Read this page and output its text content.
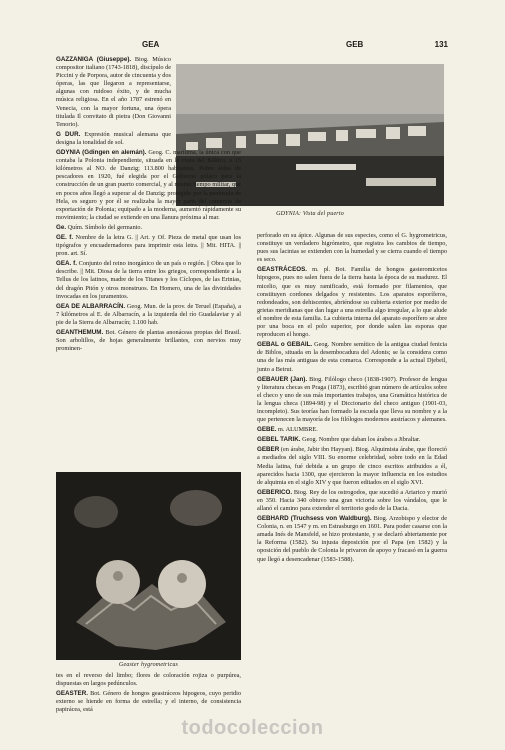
GEA	GEB	131
GDYNIA: Vista del puerto
GAZZANIGA (Giuseppe). Biog. Músico compositor italiano (1743-1818), discípulo de Piccini y de Porpora, autor de cincuenta y dos óperas, las que llegaron a representarse, algunas con ruidoso éxito, y de mucha música religiosa. En el año 1787 estrenó en Venecia, con la mayor fortuna, una ópera titulada Il convitato di pietra (Don Giovanni Tenorio).
G DUR. Expresión musical alemana que designa la tonalidad de sol.
GDYNIA (Gdingen en alemán). Geog. C. marítima, la única con que contaba la Polonia independiente, situada en la costa del Báltico, a 15 kilómetros al NO. de Danzig; 113.800 habitantes. Pobre aldea de pescadores en 1920, fué elegida por el Gobierno polaco para la construcción de un gran puerto comercial, y al mismo tiempo militar, que en pocos años llegó a superar al de Danzig; protegido por la península de Hela, es seguro y por él se realizaba la mayor parte del comercio de exportación de Polonia; equipado a la moderna, aumentó rápidamente su movimiento; la ciudad se extiende en una llanura próxima al mar.
Ge. Quím. Símbolo del germanio.
GE. f. Nombre de la letra G. || Art. y Of. Pieza de metal que usan los tipógrafos y encuadernadores para imprimir esta letra. || Mit. HITA. || pron. art. Sí.
GEA. f. Conjunto del reino inorgánico de un país o región. || Obra que lo describe. || Mit. Diosa de la tierra entre los griegos, correspondiente a la Tellus de los latinos, madre de los Titanes y los Cíclopes, de las Erinias, del dragón Pitón y otros monstruos. En Homero, una de las divinidades invocadas en los juramentos.
GEA DE ALBARRACÍN. Geog. Mun. de la prov. de Teruel (España), a 7 kilómetros al E. de Albarracín, a la izquierda del río Guadalaviar y al pie de la Sierra de Albarracín; 1.100 hab.
GEANTHEMUM. Bot. Género de plantas anonáceas propias del Brasil. Son arbolillos, de hojas generalmente brillantes, con nervios muy prominen-
Geaster hygrometricus
tes en el reverso del limbo; flores de coloración rojiza o purpúrea, dispuestas en largos pedúnculos.
GEASTER. Bot. Género de hongos geastráceos hipogeos, cuyo peridio externo se hiende en forma de estrella; y el interno, de consistencia papirácea, está
perforado en su ápice. Algunas de sus especies, como el G. hygrometricus, constituye un verdadero higrómetro, que registra los cambios de tiempo, pues sus lacinias se extienden con la humedad y se cierra cuando el tiempo es seco.
GEASTRÁCEOS. m. pl. Bot. Familia de hongos gasteromicetos hipogeos, pues no salen fuera de la tierra hasta la época de su madurez. El micelio, que es muy ramificado, está formado por filamentos, que constituyen cordones delgados y resistentes. Los aparatos esporíferos, redondeados, son dehiscentes, abriéndose su cubierta exterior por medio de grietas meridianas que dan lugar a una estrella algo irregular, a lo que alude el nombre de esta familia. La cubierta interna del aparato esporífero se abre por una boca en el polo superior, por donde salen las esporas que reproducen el hongo.
GEBAL o GEBAIL. Geog. Nombre semítico de la antigua ciudad fenicia de Biblos, situada en la desembocadura del Adonis; se la considera como una de las más antiguas de esta comarca. Corresponde a la actual Djebeil, junto a Beirut.
GEBAUER (Jan). Biog. Filólogo checo (1838-1907). Profesor de lengua y literatura checas en Praga (1873), escribió gran número de artículos sobre el checo y uno de sus más importantes trabajos, una Gramática histórica de la lengua checa (1894-98) y el Diccionario del checo antiguo (1901-03, incompleto). Sus teorías han formado la escuela que lleva su nombre y a la que pertenecen la mayoría de los filólogos modernos austríacos y alemanes.
GEBE. m. ALUMBRE.
GEBEL TARIK. Geog. Nombre que daban los árabes a Jibraltar.
GEBER (en árabe, Jabir ibn Hayyan). Biog. Alquimista árabe, que floreció a mediados del siglo VIII. Su enorme celebridad, sobre todo en la Edad Media latina, fué debida a un grupo de cinco escritos atribuidos a él, aparecidos hacia 1300, que ejercieron la mayor influencia en los estudios de alquimia en el siglo XIV y que fueron editados en el siglo XVI.
GEBERICO. Biog. Rey de los ostrogodos, que sucedió a Ariarico y murió en 350. Hacia 340 obtuvo una gran victoria sobre los vándalos, que le allanó el camino para extender el territorio godo de la Dacia.
GEBHARD (Truchsess von Waldburg). Biog. Arzobispo y elector de Colonia, n. en 1547 y m. en Estrasburgo en 1601. Para poder casarse con la amada Inés de Mansfeld, se hizo protestante, y se declaró abiertamente por la Reforma (1582). Su injusta deposición por el Papa (en 1582) y la oposición del pueblo de Colonia le privaron de apoyo y fracasó en la guerra que llegó a desencadenar (1583-1588).
todocoleccion
